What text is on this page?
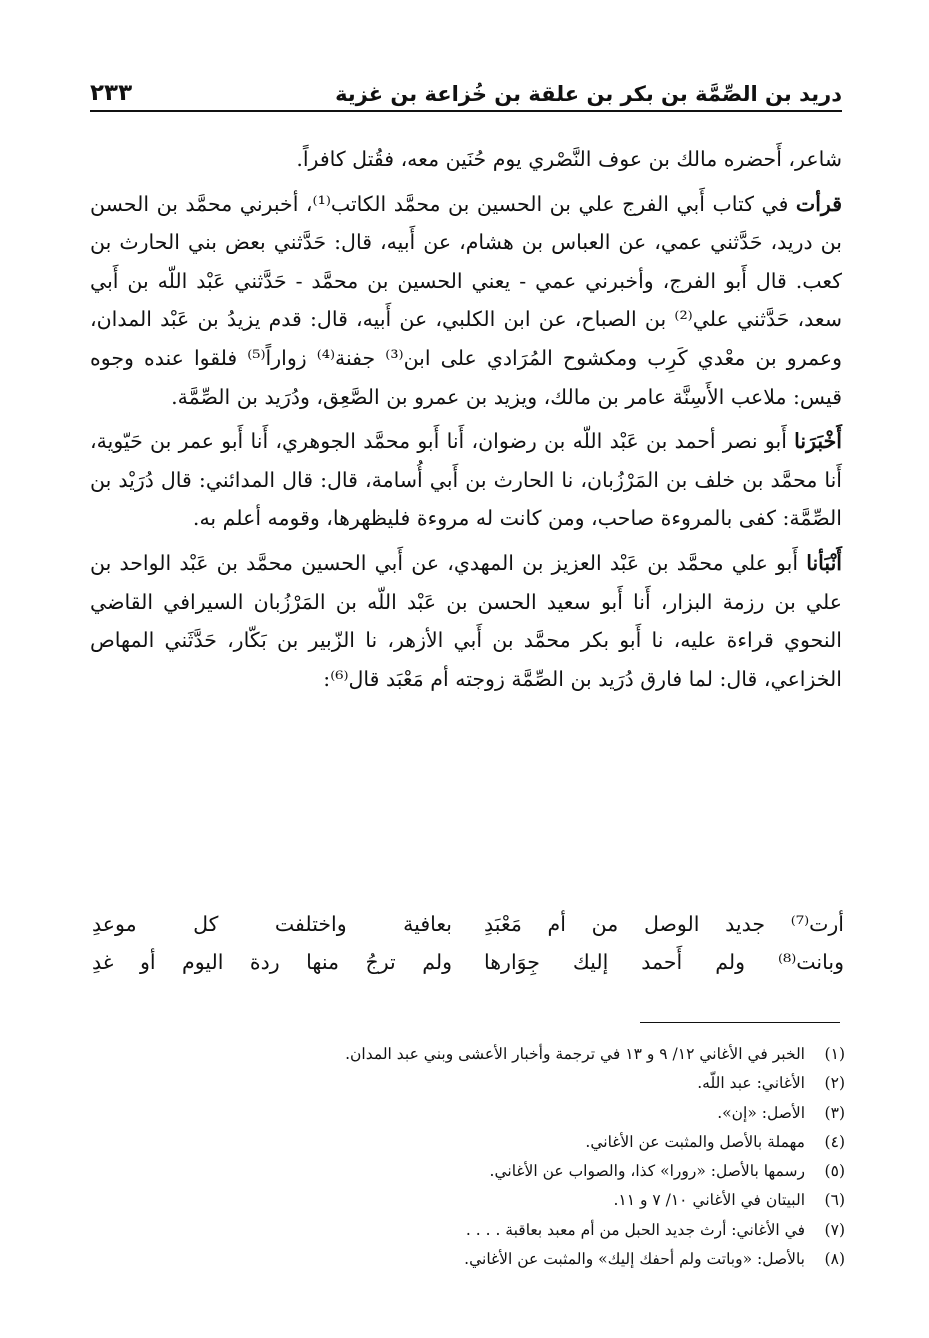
دريد بن الصِّمَّة بن بكر بن علقة بن خُزاعة بن غزية
٢٣٣

شاعر، أَحضره مالك بن عوف النَّصْري يوم حُنَين معه، فقُتل كافراً.

قرأت في كتاب أَبي الفرج علي بن الحسين بن محمَّد الكاتب⁽¹⁾، أخبرني محمَّد بن الحسن بن دريد، حَدَّثني عمي، عن العباس بن هشام، عن أَبيه، قال: حَدَّثني بعض بني الحارث بن كعب. قال أَبو الفرج، وأخبرني عمي - يعني الحسين بن محمَّد - حَدَّثني عَبْد اللّه بن أَبي سعد، حَدَّثني علي⁽²⁾ بن الصباح، عن ابن الكلبي، عن أَبيه، قال: قدم يزيدُ بن عَبْد المدان، وعمرو بن معْدي كَرِب ومكشوح المُرَادي على ابن⁽³⁾ جفنة⁽⁴⁾ زواراً⁽⁵⁾ فلقوا عنده وجوه قيس: ملاعب الأَسِنَّة عامر بن مالك، ويزيد بن عمرو بن الصَّعِق، ودُرَيد بن الصِّمَّة.

أَخْبَرَنا أَبو نصر أحمد بن عَبْد اللّه بن رضوان، أَنا أَبو محمَّد الجوهري، أَنا أَبو عمر بن حَيّوية، أَنا محمَّد بن خلف بن المَرْزُبان، نا الحارث بن أَبي أُسامة، قال: قال المدائني: قال دُرَيْد بن الصِّمَّة: كفى بالمروءة صاحب، ومن كانت له مروءة فليظهرها، وقومه أعلم به.

أَنْبَأنا أَبو علي محمَّد بن عَبْد العزيز بن المهدي، عن أَبي الحسين محمَّد بن عَبْد الواحد بن علي بن رزمة البزار، أَنا أَبو سعيد الحسن بن عَبْد اللّه بن المَرْزُبان السيرافي القاضي النحوي قراءة عليه، نا أَبو بكر محمَّد بن أَبي الأزهر، نا الزّبير بن بَكّار، حَدَّثَني المهاص الخزاعي، قال: لما فارق دُرَيد بن الصِّمَّة زوجته أم مَعْبَد قال⁽⁶⁾:

أرت⁽⁷⁾ جديد الوصل من أم مَعْبَدِ
بعافية واختلفت كل موعدِ
وبانت⁽⁸⁾ ولم أَحمد إليك جِوَارها
ولم ترجُ منها ردة اليوم أو غدِ
(١)
الخبر في الأغاني ١٢/ ٩ و ١٣ في ترجمة وأخبار الأعشى وبني عبد المدان.
(٢)
الأغاني: عبد اللّه.
(٣)
الأصل: «إن».
(٤)
مهملة بالأصل والمثبت عن الأغاني.
(٥)
رسمها بالأصل: «رورا» كذا، والصواب عن الأغاني.
(٦)
البيتان في الأغاني ١٠/ ٧ و ١١.
(٧)
في الأغاني: أرث جديد الحبل من أم معبد بعاقبة . . . .
(٨)
بالأصل: «وباتت ولم أحفك إليك» والمثبت عن الأغاني.
